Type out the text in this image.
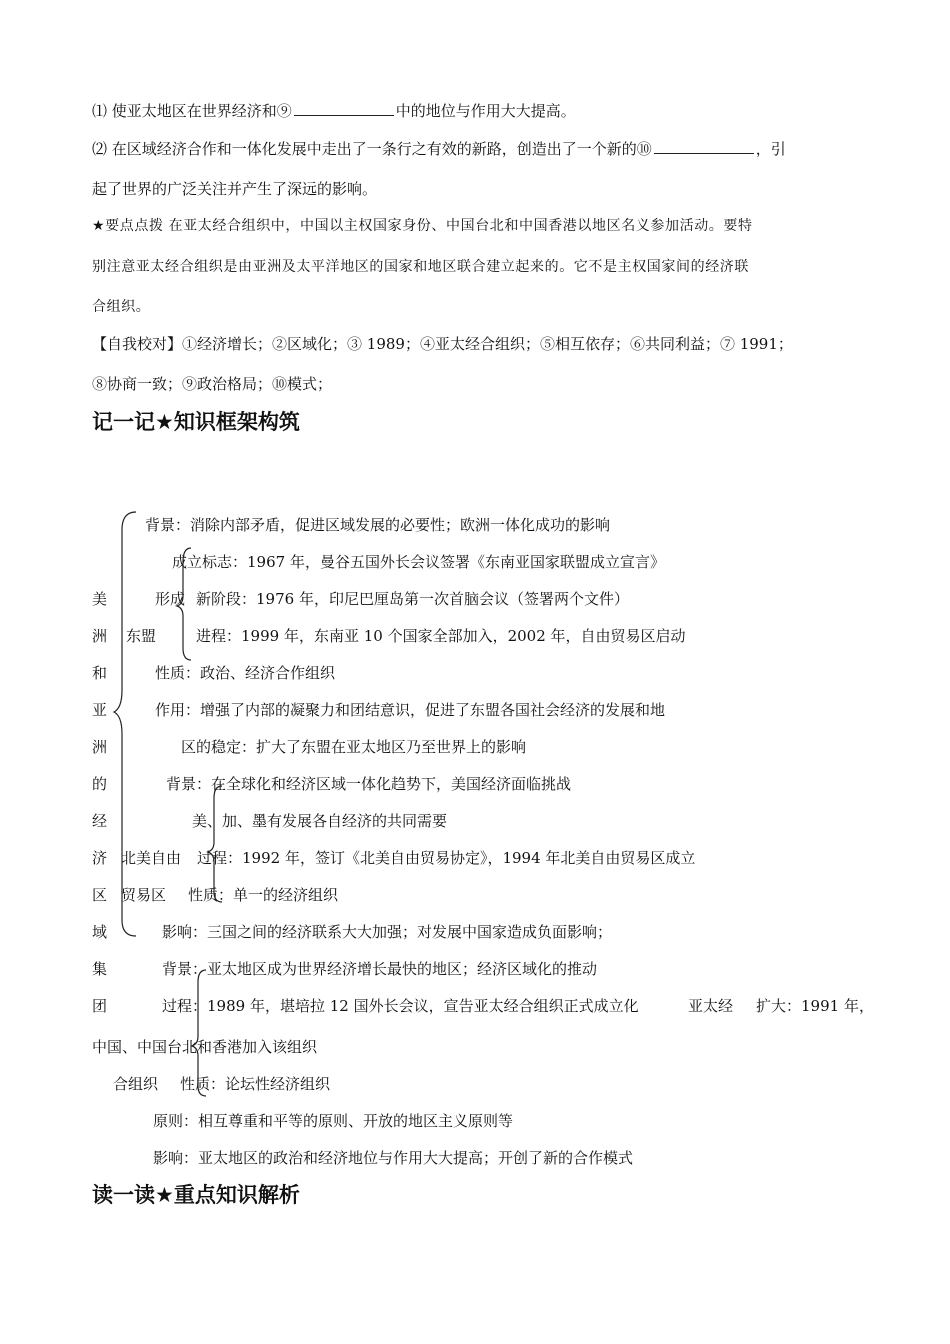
⑴ 使亚太地区在世界经济和⑨	中的地位与作用大大提高。
⑵ 在区域经济合作和一体化发展中走出了一条行之有效的新路，创造出了一个新的⑩	，引
起了世界的广泛关注并产生了深远的影响。
★要点点拨 在亚太经合组织中，中国以主权国家身份、中国台北和中国香港以地区名义参加活动。要特
别注意亚太经合组织是由亚洲及太平洋地区的国家和地区联合建立起来的。它不是主权国家间的经济联
合组织。
【自我校对】①经济增长；②区域化；③ 1989；④亚太经合组织；⑤相互依存；⑥共同利益；⑦ 1991；
⑧协商一致；⑨政治格局；⑩模式；
记一记★知识框架构筑
美
洲
和
亚
洲
的
经
济
区
域
集
团
背景：消除内部矛盾，促进区域发展的必要性；欧洲一体化成功的影响
成立标志：1967 年，曼谷五国外长会议签署《东南亚国家联盟成立宣言》
形成 新阶段：1976 年，印尼巴厘岛第一次首脑会议（签署两个文件）
东盟	进程：1999 年，东南亚 10 个国家全部加入，2002 年，自由贸易区启动
性质：政治、经济合作组织
作用：增强了内部的凝聚力和团结意识，促进了东盟各国社会经济的发展和地
区的稳定：扩大了东盟在亚太地区乃至世界上的影响
背景：在全球化和经济区域一体化趋势下，美国经济面临挑战
美、加、墨有发展各自经济的共同需要
北美自由 过程：1992 年，签订《北美自由贸易协定》，1994 年北美自由贸易区成立
贸易区 性质：单一的经济组织
影响：三国之间的经济联系大大加强；对发展中国家造成负面影响；
背景：亚太地区成为世界经济增长最快的地区；经济区域化的推动
过程：1989 年，堪培拉 12 国外长会议，宣告亚太经合组织正式成立化	亚太经 扩大：1991 年，
中国、中国台北和香港加入该组织
合组织 性质：论坛性经济组织
原则：相互尊重和平等的原则、开放的地区主义原则等
影响：亚太地区的政治和经济地位与作用大大提高；开创了新的合作模式
读一读★重点知识解析
